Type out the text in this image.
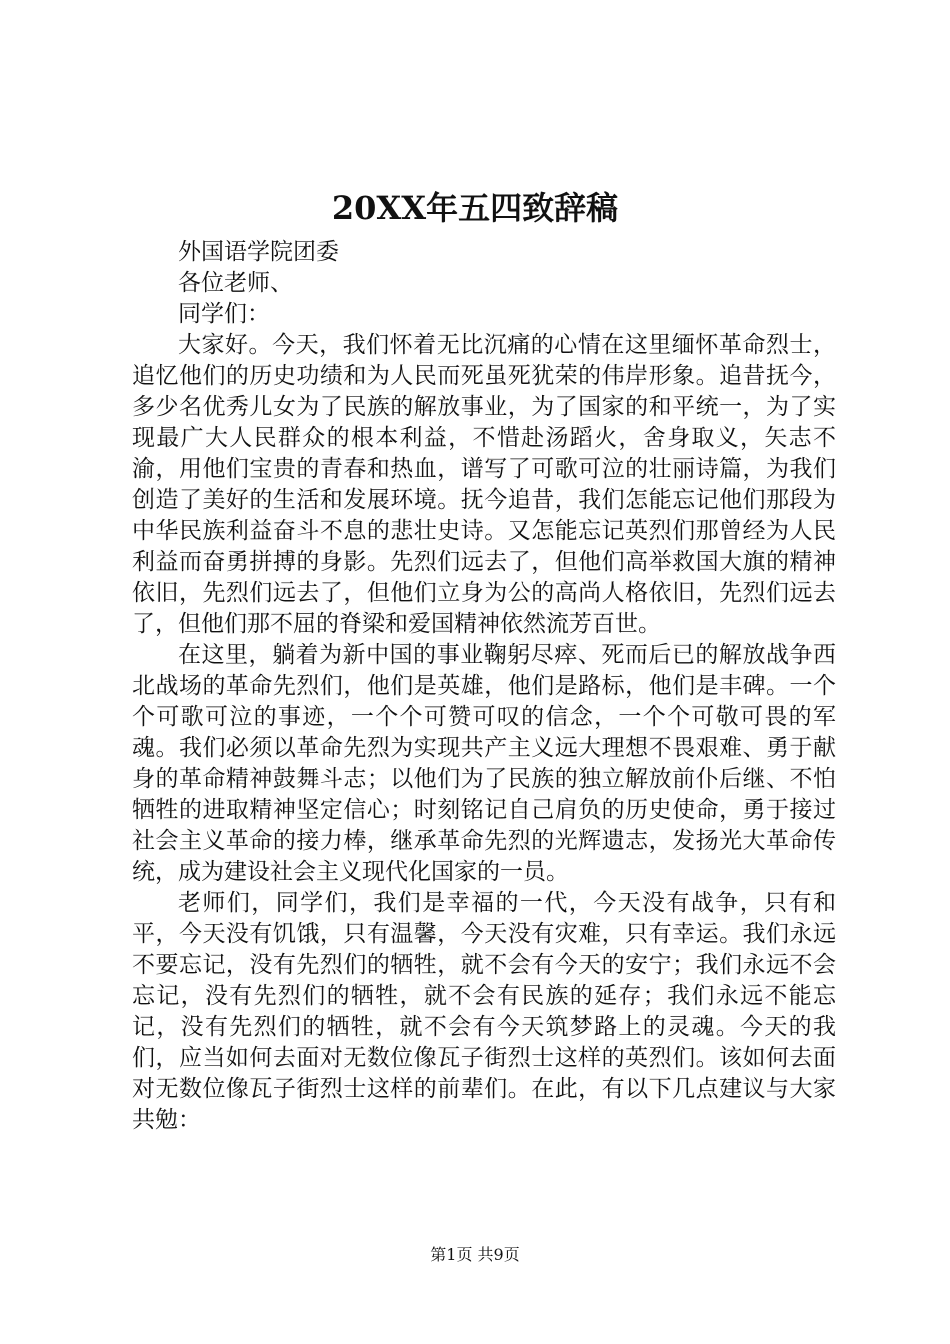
20XX年五四致辞稿

外国语学院团委

各位老师、

同学们：

大家好。今天，我们怀着无比沉痛的心情在这里缅怀革命烈士，追忆他们的历史功绩和为人民而死虽死犹荣的伟岸形象。追昔抚今，多少名优秀儿女为了民族的解放事业，为了国家的和平统一，为了实现最广大人民群众的根本利益，不惜赴汤蹈火，舍身取义，矢志不渝，用他们宝贵的青春和热血，谱写了可歌可泣的壮丽诗篇，为我们创造了美好的生活和发展环境。抚今追昔，我们怎能忘记他们那段为中华民族利益奋斗不息的悲壮史诗。又怎能忘记英烈们那曾经为人民利益而奋勇拼搏的身影。先烈们远去了，但他们高举救国大旗的精神依旧，先烈们远去了，但他们立身为公的高尚人格依旧，先烈们远去了，但他们那不屈的脊梁和爱国精神依然流芳百世。

在这里，躺着为新中国的事业鞠躬尽瘁、死而后已的解放战争西北战场的革命先烈们，他们是英雄，他们是路标，他们是丰碑。一个个可歌可泣的事迹，一个个可赞可叹的信念，一个个可敬可畏的军魂。我们必须以革命先烈为实现共产主义远大理想不畏艰难、勇于献身的革命精神鼓舞斗志；以他们为了民族的独立解放前仆后继、不怕牺牲的进取精神坚定信心；时刻铭记自己肩负的历史使命，勇于接过社会主义革命的接力棒，继承革命先烈的光辉遗志，发扬光大革命传统，成为建设社会主义现代化国家的一员。

老师们，同学们，我们是幸福的一代，今天没有战争，只有和平，今天没有饥饿，只有温馨，今天没有灾难，只有幸运。我们永远不要忘记，没有先烈们的牺牲，就不会有今天的安宁；我们永远不会忘记，没有先烈们的牺牲，就不会有民族的延存；我们永远不能忘记，没有先烈们的牺牲，就不会有今天筑梦路上的灵魂。今天的我们，应当如何去面对无数位像瓦子街烈士这样的英烈们。该如何去面对无数位像瓦子街烈士这样的前辈们。在此，有以下几点建议与大家共勉：

第1页 共9页
